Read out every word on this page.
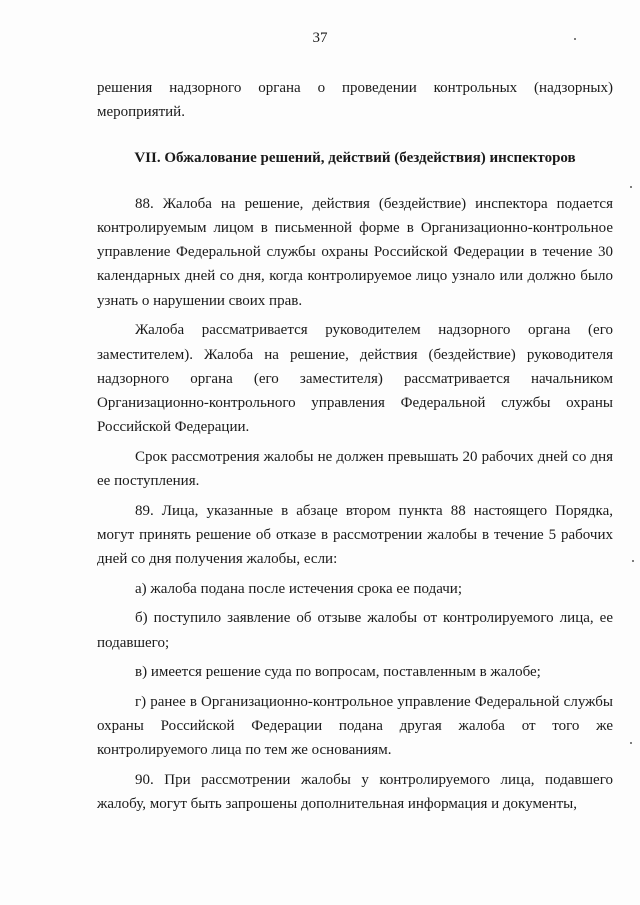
37

решения надзорного органа о проведении контрольных (надзорных) мероприятий.

VII. Обжалование решений, действий (бездействия) инспекторов

88. Жалоба на решение, действия (бездействие) инспектора подается контролируемым лицом в письменной форме в Организационно-контрольное управление Федеральной службы охраны Российской Федерации в течение 30 календарных дней со дня, когда контролируемое лицо узнало или должно было узнать о нарушении своих прав.

Жалоба рассматривается руководителем надзорного органа (его заместителем). Жалоба на решение, действия (бездействие) руководителя надзорного органа (его заместителя) рассматривается начальником Организационно-контрольного управления Федеральной службы охраны Российской Федерации.

Срок рассмотрения жалобы не должен превышать 20 рабочих дней со дня ее поступления.

89. Лица, указанные в абзаце втором пункта 88 настоящего Порядка, могут принять решение об отказе в рассмотрении жалобы в течение 5 рабочих дней со дня получения жалобы, если:

а) жалоба подана после истечения срока ее подачи;

б) поступило заявление об отзыве жалобы от контролируемого лица, ее подавшего;

в) имеется решение суда по вопросам, поставленным в жалобе;

г) ранее в Организационно-контрольное управление Федеральной службы охраны Российской Федерации подана другая жалоба от того же контролируемого лица по тем же основаниям.

90. При рассмотрении жалобы у контролируемого лица, подавшего жалобу, могут быть запрошены дополнительная информация и документы,
